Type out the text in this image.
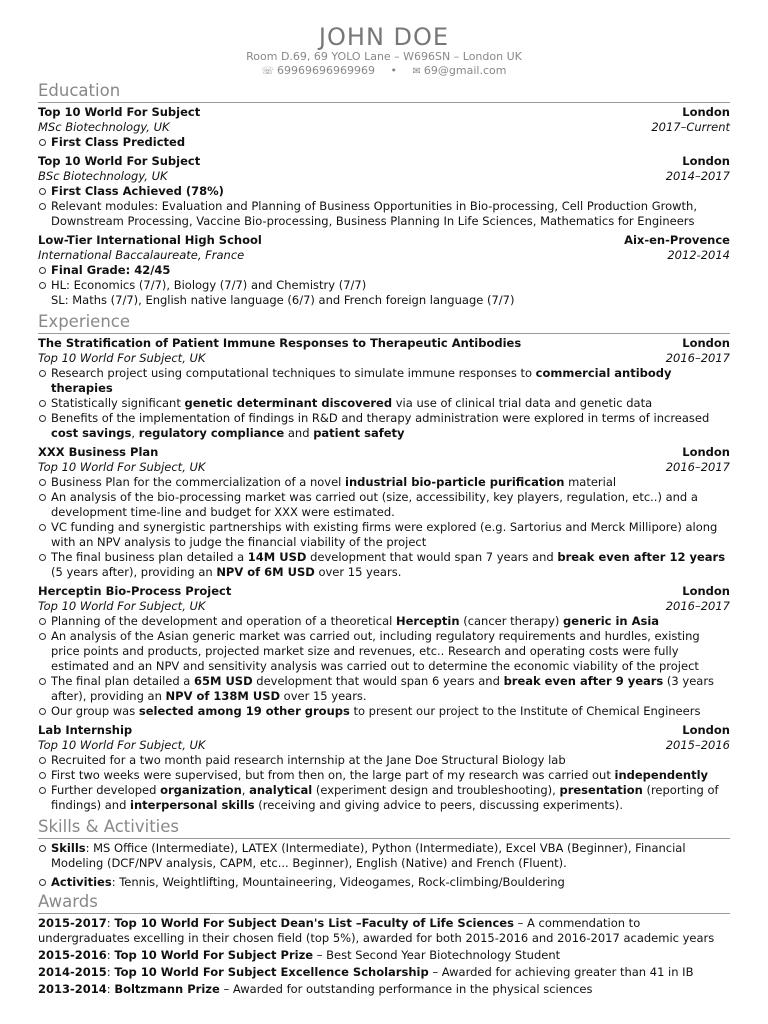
JOHN DOE
Room D.69, 69 YOLO Lane – W696SN – London UK
☏ 69969696969969 • ✉ 69@gmail.com
Education
Top 10 World For Subject	London
MSc Biotechnology, UK	2017–Current
First Class Predicted
Top 10 World For Subject	London
BSc Biotechnology, UK	2014–2017
First Class Achieved (78%)
Relevant modules: Evaluation and Planning of Business Opportunities in Bio-processing, Cell Production Growth, Downstream Processing, Vaccine Bio-processing, Business Planning In Life Sciences, Mathematics for Engineers
Low-Tier International High School	Aix-en-Provence
International Baccalaureate, France	2012-2014
Final Grade: 42/45
HL: Economics (7/7), Biology (7/7) and Chemistry (7/7)
SL: Maths (7/7), English native language (6/7) and French foreign language (7/7)
Experience
The Stratification of Patient Immune Responses to Therapeutic Antibodies	London
Top 10 World For Subject, UK	2016–2017
Research project using computational techniques to simulate immune responses to commercial antibody therapies
Statistically significant genetic determinant discovered via use of clinical trial data and genetic data
Benefits of the implementation of findings in R&D and therapy administration were explored in terms of increased cost savings, regulatory compliance and patient safety
XXX Business Plan	London
Top 10 World For Subject, UK	2016–2017
Business Plan for the commercialization of a novel industrial bio-particle purification material
An analysis of the bio-processing market was carried out (size, accessibility, key players, regulation, etc..) and a development time-line and budget for XXX were estimated.
VC funding and synergistic partnerships with existing firms were explored (e.g. Sartorius and Merck Millipore) along with an NPV analysis to judge the financial viability of the project
The final business plan detailed a 14M USD development that would span 7 years and break even after 12 years (5 years after), providing an NPV of 6M USD over 15 years.
Herceptin Bio-Process Project	London
Top 10 World For Subject, UK	2016–2017
Planning of the development and operation of a theoretical Herceptin (cancer therapy) generic in Asia
An analysis of the Asian generic market was carried out, including regulatory requirements and hurdles, existing price points and products, projected market size and revenues, etc.. Research and operating costs were fully estimated and an NPV and sensitivity analysis was carried out to determine the economic viability of the project
The final plan detailed a 65M USD development that would span 6 years and break even after 9 years (3 years after), providing an NPV of 138M USD over 15 years.
Our group was selected among 19 other groups to present our project to the Institute of Chemical Engineers
Lab Internship	London
Top 10 World For Subject, UK	2015–2016
Recruited for a two month paid research internship at the Jane Doe Structural Biology lab
First two weeks were supervised, but from then on, the large part of my research was carried out independently
Further developed organization, analytical (experiment design and troubleshooting), presentation (reporting of findings) and interpersonal skills (receiving and giving advice to peers, discussing experiments).
Skills & Activities
Skills: MS Office (Intermediate), LATEX (Intermediate), Python (Intermediate), Excel VBA (Beginner), Financial Modeling (DCF/NPV analysis, CAPM, etc... Beginner), English (Native) and French (Fluent).
Activities: Tennis, Weightlifting, Mountaineering, Videogames, Rock-climbing/Bouldering
Awards
2015-2017: Top 10 World For Subject Dean's List –Faculty of Life Sciences – A commendation to undergraduates excelling in their chosen field (top 5%), awarded for both 2015-2016 and 2016-2017 academic years
2015-2016: Top 10 World For Subject Prize – Best Second Year Biotechnology Student
2014-2015: Top 10 World For Subject Excellence Scholarship – Awarded for achieving greater than 41 in IB
2013-2014: Boltzmann Prize – Awarded for outstanding performance in the physical sciences
